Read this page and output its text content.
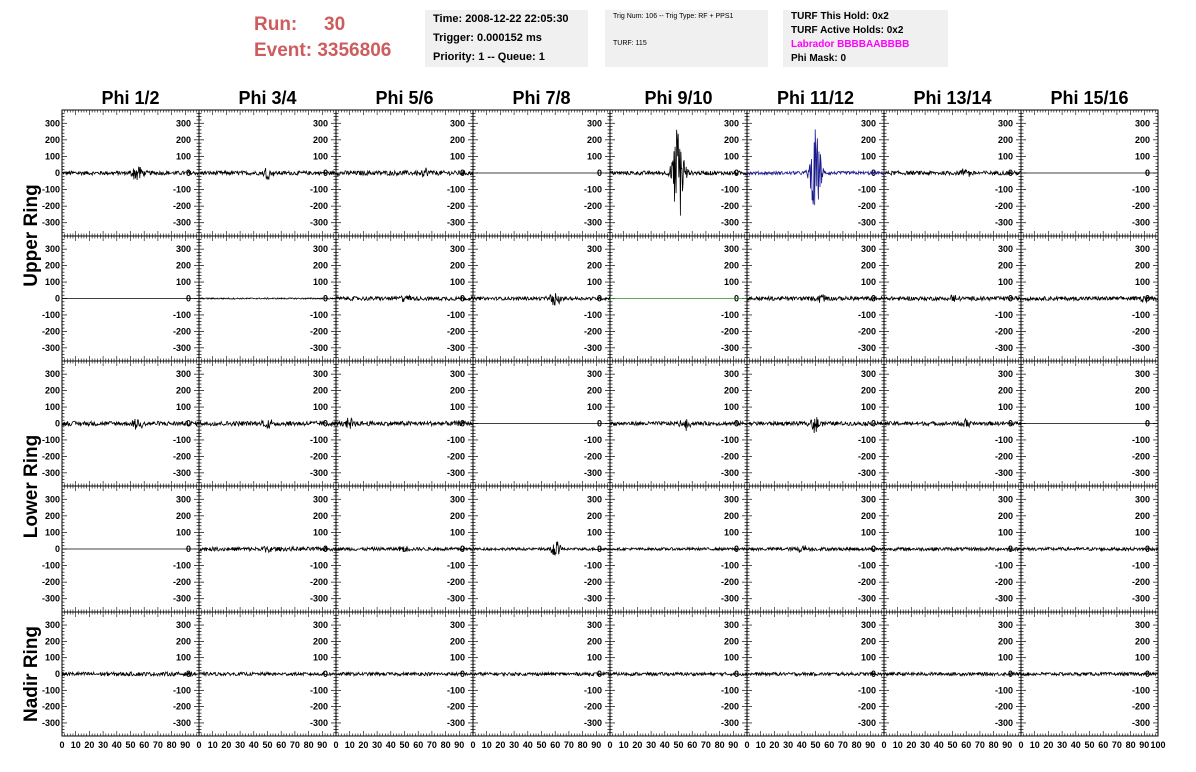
Run: 30
Event: 3356806
Time: 2008-12-22 22:05:30
Trigger: 0.000152 ms
Priority: 1 -- Queue: 1
Trig Num: 106 -- Trig Type: RF + PPS1
TURF: 115
TURF This Hold: 0x2
TURF Active Holds: 0x2
Labrador BBBBAABBBB
Phi Mask: 0
Phi 1/2	Phi 3/4	Phi 5/6	Phi 7/8	Phi 9/10	Phi 11/12	Phi 13/14	Phi 15/16
Upper Ring
Lower Ring
Nadir Ring
300	300
200	200
100	100
0	0
-100	-100
-200	-200
-300	-300
300
200
100
0
-100
-200
-300
300
200
100
0
-100
-200
-300
300
200
100
0
-100
-200
-300
300
200
100
0
-100
-200
-300
300
200
100
0
-100
-200
-300
300
200
100
0
-100
-200
-300
300
200
100
0
-100
-200
-300
300	300
200	200
100	100
0	0
-100	-100
-200	-200
-300	-300
300
200
100
0
-100
-200
-300
300
200
100
0
-100
-200
-300
300
200
100
0
-100
-200
-300
300
200
100
0
-100
-200
-300
300
200
100
0
-100
-200
-300
300
200
100
0
-100
-200
-300
300
200
100
0
-100
-200
-300
300	300
200	200
100	100
0	0
-100	-100
-200	-200
-300	-300
300
200
100
0
-100
-200
-300
300
200
100
0
-100
-200
-300
300
200
100
0
-100
-200
-300
300
200
100
0
-100
-200
-300
300
200
100
0
-100
-200
-300
300
200
100
0
-100
-200
-300
300
200
100
0
-100
-200
-300
300	300
200	200
100	100
0	0
-100	-100
-200	-200
-300	-300
300
200
100
0
-100
-200
-300
300
200
100
0
-100
-200
-300
300
200
100
0
-100
-200
-300
300
200
100
0
-100
-200
-300
300
200
100
0
-100
-200
-300
300
200
100
0
-100
-200
-300
300
200
100
0
-100
-200
-300
300	300
200	200
100	100
0	0
-100	-100
-200	-200
-300	-300
300
200
100
0
-100
-200
-300
300
200
100
0
-100
-200
-300
300
200
100
0
-100
-200
-300
300
200
100
0
-100
-200
-300
300
200
100
0
-100
-200
-300
300
200
100
0
-100
-200
-300
300
200
100
0
-100
-200
-300
0 10 20 30 40 50 60 70 80 90 0 10 20 30 40 50 60 70 80 90 0 10 20 30 40 50 60 70 80 90 0 10 20 30 40 50 60 70 80 90 0 10 20 30 40 50 60 70 80 90 0 10 20 30 40 50 60 70 80 90 0 10 20 30 40 50 60 70 80 90 0 10 20 30 40 50 60 70 80 90 100
